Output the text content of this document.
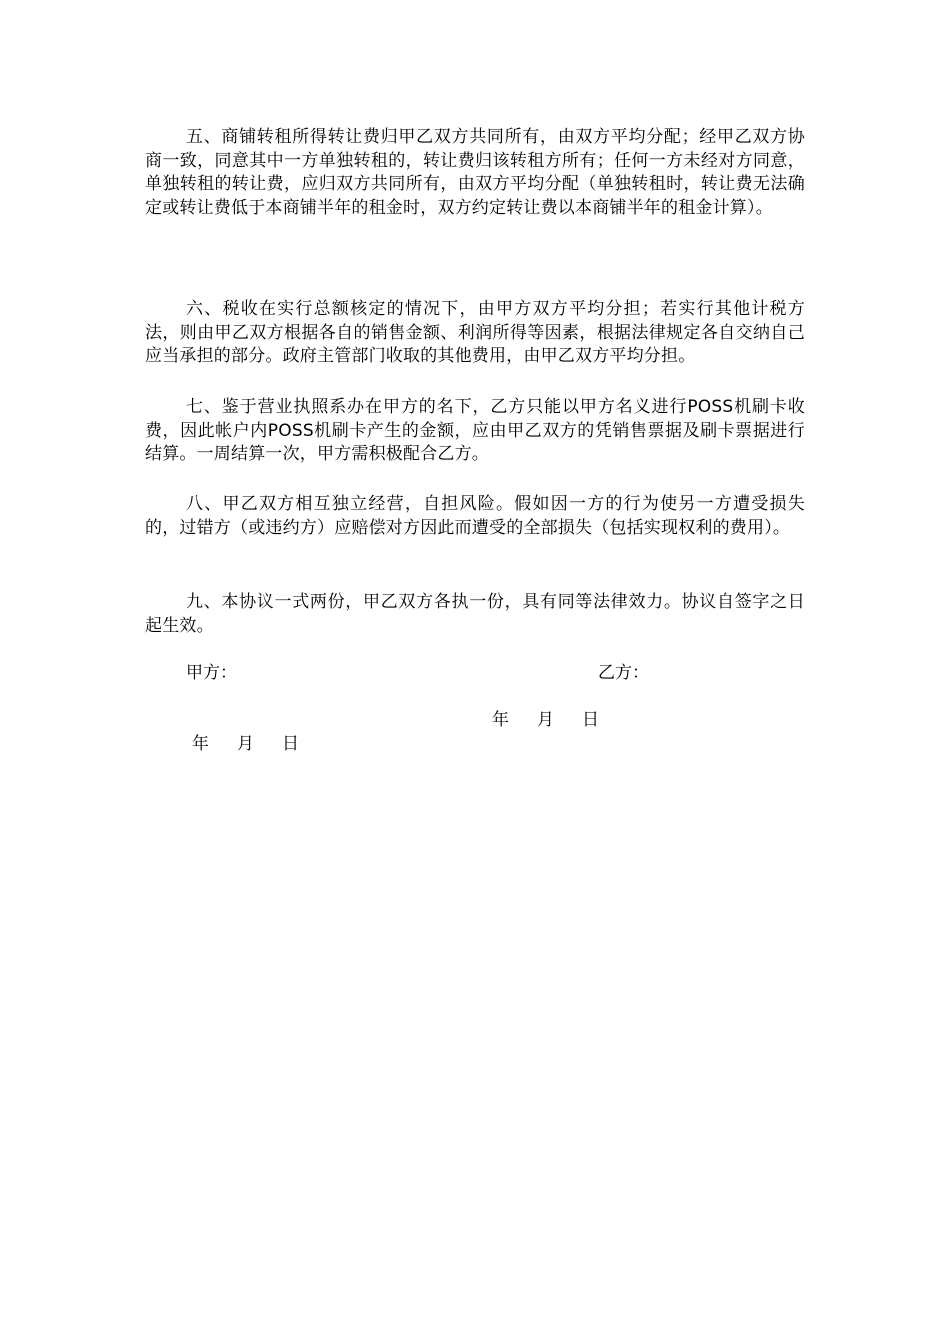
五、商铺转租所得转让费归甲乙双方共同所有，由双方平均分配；经甲乙双方协商一致，同意其中一方单独转租的，转让费归该转租方所有；任何一方未经对方同意，单独转租的转让费，应归双方共同所有，由双方平均分配（单独转租时，转让费无法确定或转让费低于本商铺半年的租金时，双方约定转让费以本商铺半年的租金计算）。

六、税收在实行总额核定的情况下，由甲方双方平均分担；若实行其他计税方法，则由甲乙双方根据各自的销售金额、利润所得等因素，根据法律规定各自交纳自己应当承担的部分。政府主管部门收取的其他费用，由甲乙双方平均分担。

七、鉴于营业执照系办在甲方的名下，乙方只能以甲方名义进行POSS机刷卡收费，因此帐户内POSS机刷卡产生的金额，应由甲乙双方的凭销售票据及刷卡票据进行结算。一周结算一次，甲方需积极配合乙方。

八、甲乙双方相互独立经营，自担风险。假如因一方的行为使另一方遭受损失的，过错方（或违约方）应赔偿对方因此而遭受的全部损失（包括实现权利的费用）。

九、本协议一式两份，甲乙双方各执一份，具有同等法律效力。协议自签字之日起生效。

甲方：	乙方：

年 月 日
年 月 日
